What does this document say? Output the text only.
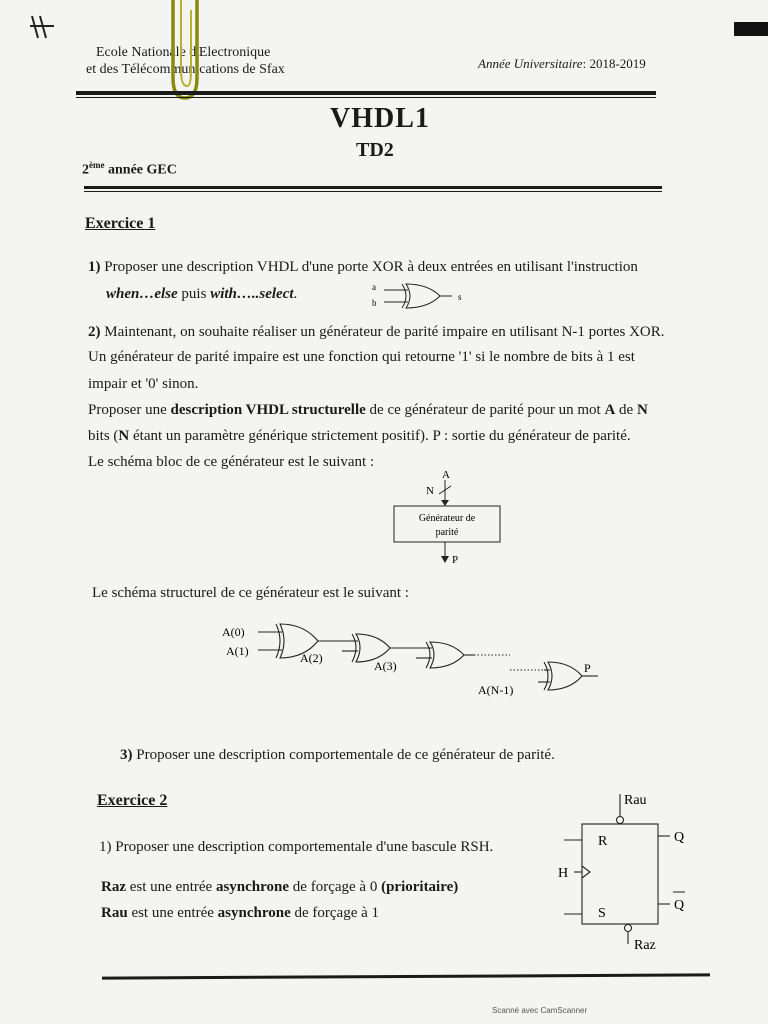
Ecole Nationale d'Electronique
et des Télécommunications de Sfax	Année Universitaire: 2018-2019
VHDL1
TD2
2ème année GEC
Exercice 1
1) Proposer une description VHDL d'une porte XOR à deux entrées en utilisant l'instruction
when…else puis with…..select.	a
b
s
2) Maintenant, on souhaite réaliser un générateur de parité impaire en utilisant N-1 portes XOR.
Un générateur de parité impaire est une fonction qui retourne '1' si le nombre de bits à 1 est
impair et '0' sinon.
Proposer une description VHDL structurelle de ce générateur de parité pour un mot A de N
bits (N étant un paramètre générique strictement positif). P : sortie du générateur de parité.
Le schéma bloc de ce générateur est le suivant :
A
N
Générateur de
parité
P
Le schéma structurel de ce générateur est le suivant :
A(0)
A(1)	A(2)
A(3)
A(N-1)
P
3) Proposer une description comportementale de ce générateur de parité.
Exercice 2
1) Proposer une description comportementale d'une bascule RSH.
Raz est une entrée asynchrone de forçage à 0 (prioritaire)
Rau est une entrée asynchrone de forçage à 1
Rau
R
S
H
Q
Q
Raz
Scanné avec CamScanner
